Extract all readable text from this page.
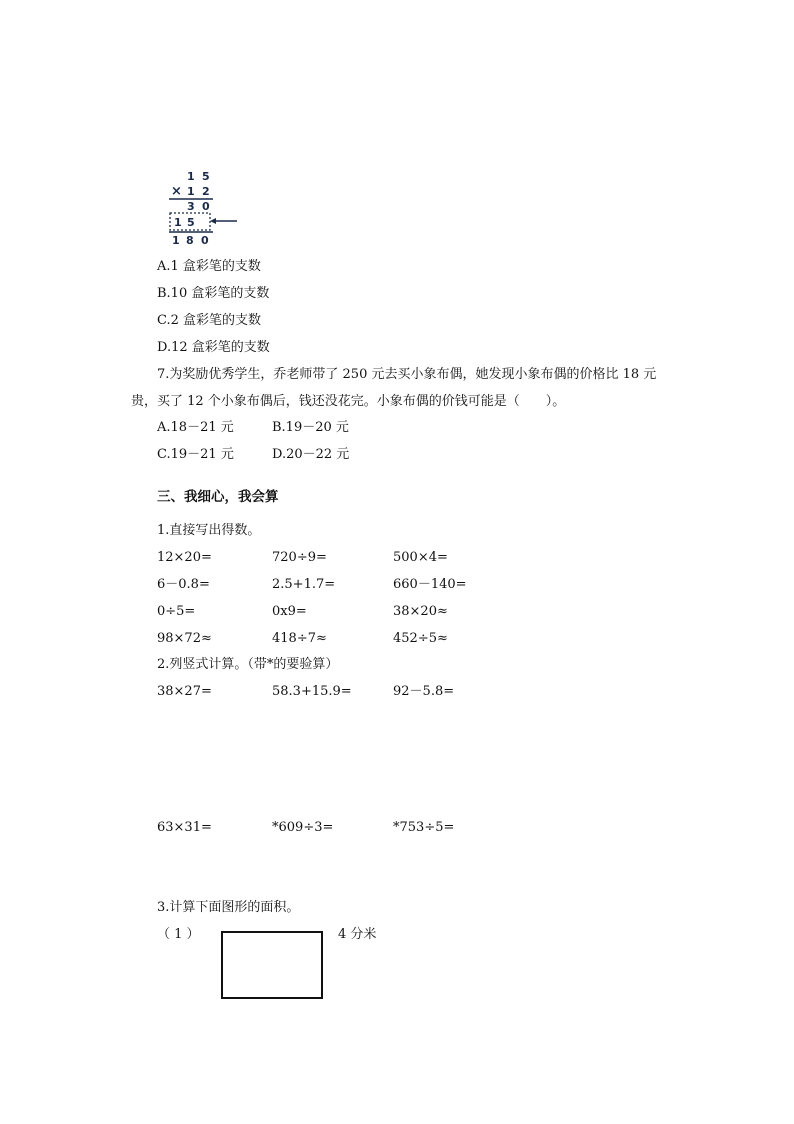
1 5
× 1 2
3 0
1 5
1 8 0
A.1 盒彩笔的支数
B.10 盒彩笔的支数
C.2 盒彩笔的支数
D.12 盒彩笔的支数
7.为奖励优秀学生，乔老师带了 250 元去买小象布偶，她发现小象布偶的价格比 18 元
贵，买了 12 个小象布偶后，钱还没花完。小象布偶的价钱可能是（　　）。
A.18－21 元	B.19－20 元
C.19－21 元	D.20－22 元
三、我细心，我会算
1.直接写出得数。
12×20=	720÷9=	500×4=
6－0.8=	2.5+1.7=	660－140=
0÷5=	0x9=	38×20≈
98×72≈	418÷7≈	452÷5≈
2.列竖式计算。（带*的要验算）
38×27=	58.3+15.9=	92－5.8=
63×31=	*609÷3=	*753÷5=
3.计算下面图形的面积。
（ 1 ）	4 分米
